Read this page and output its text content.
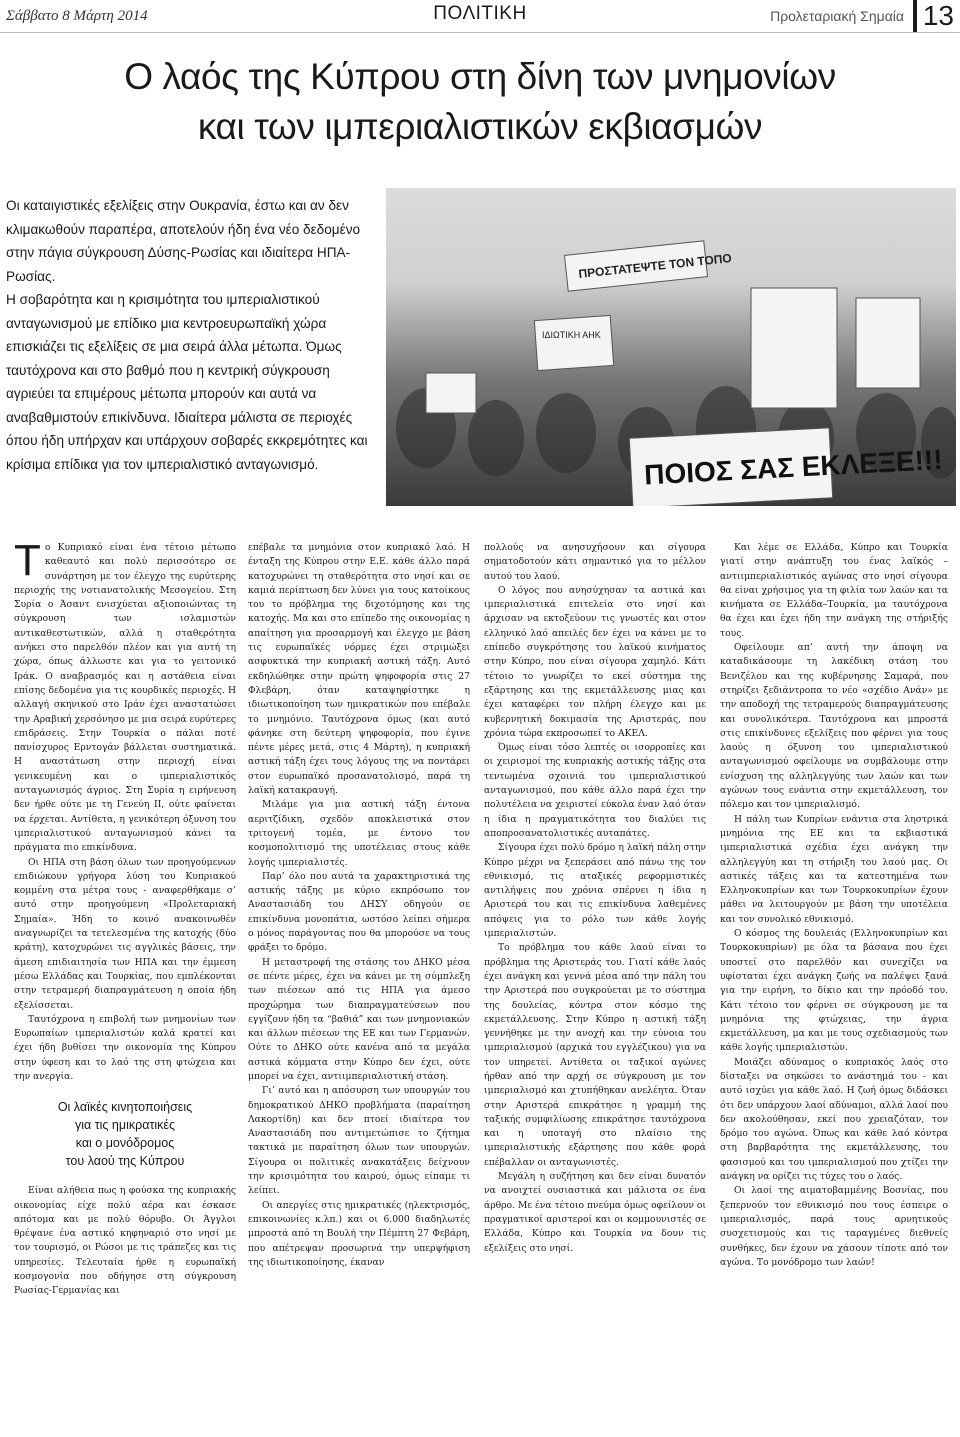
Σάββατο 8 Μάρτη 2014	ΠΟΛΙΤΙΚΗ	Προλεταριακή Σημαία 13
Ο λαός της Κύπρου στη δίνη των μνημονίων
και των ιμπεριαλιστικών εκβιασμών

Οι καταιγιστικές εξελίξεις στην Ουκρανία, έστω και αν δεν κλιμακωθούν παραπέρα, αποτελούν ήδη ένα νέο δεδομένο στην πάγια σύγκρουση Δύσης-Ρωσίας και ιδιαίτερα ΗΠΑ-Ρωσίας.

Η σοβαρότητα και η κρισιμότητα του ιμπεριαλιστικού ανταγωνισμού με επίδικο μια κεντροευρωπαϊκή χώρα επισκιάζει τις εξελίξεις σε μια σειρά άλλα μέτωπα. Όμως ταυτόχρονα και στο βαθμό που η κεντρική σύγκρουση αγριεύει τα επιμέρους μέτωπα μπορούν και αυτά να αναβαθμιστούν επικίνδυνα. Ιδιαίτερα μάλιστα σε περιοχές όπου ήδη υπήρχαν και υπάρχουν σοβαρές εκκρεμότητες και κρίσιμα επίδικα για τον ιμπεριαλιστικό ανταγωνισμό.

ΠΡΟΣΤΑΤΕΨΤΕ ΤΟΝ ΤΟΠΟ
ΙΔΙΩΤΙΚΗ ΑΗΚ
ΠΟΙΟΣ ΣΑΣ ΕΚΛΕΞΕ!!!

Το Κυπριακό είναι ένα τέτοιο μέτωπο καθεαυτό και πολύ περισσότερο σε συνάρτηση με τον έλεγχο της ευρύτερης περιοχής της νοτιανατολικής Μεσογείου. Στη Συρία ο Άσαντ ενισχύεται αξιοποιώντας τη σύγκρουση των ισλαμιστών αντικαθεστωτικών, αλλά η σταθερότητα ανήκει στο παρελθόν πλέον και για αυτή τη χώρα, όπως άλλωστε και για το γειτονικό Ιράκ. Ο αναβρασμός και η αστάθεια είναι επίσης δεδομένα για τις κουρδικές περιοχές. Η αλλαγή σκηνικού στο Ιράν έχει αναστατώσει την Αραβική χερσόνησο με μια σειρά ευρύτερες επιδράσεις. Στην Τουρκία ο πάλαι ποτέ πανίσχυρος Ερντογάν βάλλεται συστηματικά. Η αναστάτωση στην περιοχή είναι γενικευμένη και ο ιμπεριαλιστικός ανταγωνισμός άγριος. Στη Συρία η ειρήνευση δεν ήρθε ούτε με τη Γενεύη ΙΙ, ούτε φαίνεται να έρχεται. Αντίθετα, η γενικότερη όξυνση του ιμπεριαλιστικού ανταγωνισμού κάνει τα πράγματα πιο επικίνδυνα.

Οι ΗΠΑ στη βάση όλων των προηγούμενων επιδιώκουν γρήγορα λύση του Κυπριακού κομμένη στα μέτρα τους - αναφερθήκαμε σ’ αυτό στην προηγούμενη «Προλεταριακή Σημαία». Ήδη το κοινό ανακοινωθέν αναγνωρίζει τα τετελεσμένα της κατοχής (δύο κράτη), κατοχυρώνει τις αγγλικές βάσεις, την άμεση επιδιαιτησία των ΗΠΑ και την έμμεση μέσω Ελλάδας και Τουρκίας, που εμπλέκονται στην τετραμερή διαπραγμάτευση η οποία ήδη εξελίσσεται.

Ταυτόχρονα η επιβολή των μνημονίων των Ευρωπαίων ιμπεριαλιστών καλά κρατεί και έχει ήδη βυθίσει την οικονομία της Κύπρου στην ύφεση και το λαό της στη φτώχεια και την ανεργία.

Οι λαϊκές κινητοποιήσεις

για τις ημικρατικές

και ο μονόδρομος

του λαού της Κύπρου

Είναι αλήθεια πως η φούσκα της κυπριακής οικονομίας είχε πολύ αέρα και έσκασε απότομα και με πολύ θόρυβο. Οι Άγγλοι θρέψανε ένα αστικό κηφηναριό στο νησί με τον τουρισμό, οι Ρώσοι με τις τράπεζες και τις υπηρεσίες. Τελευταία ήρθε η ευρωπαϊκή κοσμογονία που οδήγησε στη σύγκρουση Ρωσίας-Γερμανίας και

επέβαλε τα μνημόνια στον κυπριακό λαό. Η ένταξη της Κύπρου στην Ε.Ε. κάθε άλλο παρά κατοχυρώνει τη σταθερότητα στο νησί και σε καμιά περίπτωση δεν λύνει για τους κατοίκους του το πρόβλημα της διχοτόμησης και της κατοχής. Μα και στο επίπεδο της οικονομίας η απαίτηση για προσαρμογή και έλεγχο με βάση τις ευρωπαϊκές νόρμες έχει στριμώξει ασφυκτικά την κυπριακή αστική τάξη. Αυτό εκδηλώθηκε στην πρώτη ψηφοφορία στις 27 Φλεβάρη, όταν καταψηφίστηκε η ιδιωτικοποίηση των ημικρατικών που επέβαλε το μνημόνιο. Ταυτόχρονα όμως (και αυτό φάνηκε στη δεύτερη ψηφοφορία, που έγινε πέντε μέρες μετά, στις 4 Μάρτη), η κυπριακή αστική τάξη έχει τους λόγους της να ποντάρει στον ευρωπαϊκό προσανατολισμό, παρά τη λαϊκή κατακραυγή.

Μιλάμε για μια αστική τάξη έντονα αεριτζίδικη, σχεδόν αποκλειστικά στον τριτογενή τομέα, με έντονο τον κοσμοπολιτισμό της υποτέλειας στους κάθε λογής ιμπεριαλιστές.

Παρ’ όλο που αυτά τα χαρακτηριστικά της αστικής τάξης με κύριο εκπρόσωπο τον Αναστασιάδη του ΔΗΣΥ οδηγούν σε επικίνδυνα μονοπάτια, ωστόσο λείπει σήμερα ο μόνος παράγοντας που θα μπορούσε να τους φράξει το δρόμο.

Η μεταστροφή της στάσης του ΔΗΚΟ μέσα σε πέντε μέρες, έχει να κάνει με τη σύμπλεξη των πιέσεων από τις ΗΠΑ για άμεσο προχώρημα των διαπραγματεύσεων που εγγίζουν ήδη τα “βαθιά” και των μνημονιακών και άλλων πιέσεων της ΕΕ και των Γερμανών. Ούτε το ΔΗΚΟ ούτε κανένα από τα μεγάλα αστικά κόμματα στην Κύπρο δεν έχει, ούτε μπορεί να έχει, αντιιμπεριαλιστική στάση.

Γι’ αυτό και η απόσυρση των υπουργών του δημοκρατικού ΔΗΚΟ προβλήματα (παραίτηση Λακορτίδη) και δεν πτοεί ιδιαίτερα τον Αναστασιάδη που αντιμετώπισε το ζήτημα τακτικά με παραίτηση όλων των υπουργών. Σίγουρα οι πολιτικές ανακατάξεις δείχνουν την κρισιμότητα του καιρού, όμως είπαμε τι λείπει.

Οι απεργίες στις ημικρατικές (ηλεκτρισμός, επικοινωνίες κ.λπ.) και οι 6.000 διαδηλωτές μπροστά από τη Βουλή την Πέμπτη 27 Φεβάρη, που απέτρεψαν προσωρινά την υπερψήφιση της ιδιωτικοποίησης, έκαναν

πολλούς να ανησυχήσουν και σίγουρα σηματοδοτούν κάτι σημαντικό για το μέλλον αυτού του λαού.

Ο λόγος που ανησύχησαν τα αστικά και ιμπεριαλιστικά επιτελεία στο νησί και άρχισαν να εκτοξεύουν τις γνωστές και στον ελληνικό λαό απειλές δεν έχει να κάνει με το επίπεδο συγκρότησης του λαϊκού κινήματος στην Κύπρο, που είναι σίγουρα χαμηλό. Κάτι τέτοιο το γνωρίζει το εκεί σύστημα της εξάρτησης και της εκμετάλλευσης μιας και έχει καταφέρει τον πλήρη έλεγχο και με κυβερνητική δοκιμασία της Αριστεράς, που χρόνια τώρα εκπροσωπεί το ΑΚΕΛ.

Όμως είναι τόσο λεπτές οι ισορροπίες και οι χειρισμοί της κυπριακής αστικής τάξης στα τεντωμένα σχοινιά του ιμπεριαλιστικού ανταγωνισμού, που κάθε άλλο παρά έχει την πολυτέλεια να χειριστεί εύκολα έναν λαό όταν η ίδια η πραγματικότητα του διαλύει τις αποπροσανατολιστικές αυταπάτες.

Σίγουρα έχει πολύ δρόμο η λαϊκή πάλη στην Κύπρο μέχρι να ξεπεράσει από πάνω της τον εθνικισμό, τις αταξικές ρεφορμιστικές αντιλήψεις που χρόνια σπέρνει η ίδια η Αριστερά του και τις επικίνδυνα λαθεμένες απόψεις για το ρόλο των κάθε λογής ιμπεριαλιστών.

Το πρόβλημα του κάθε λαού είναι το πρόβλημα της Αριστεράς του. Γιατί κάθε λαός έχει ανάγκη και γεννά μέσα από την πάλη του την Αριστερά που συγκρούεται με το σύστημα της δουλείας, κόντρα στον κόσμο της εκμετάλλευσης. Στην Κύπρο η αστική τάξη γεννήθηκε με την ανοχή και την εύνοια του ιμπεριαλισμού (αρχικά του εγγλέζικου) για να τον υπηρετεί. Αντίθετα οι ταξικοί αγώνες ήρθαν από την αρχή σε σύγκρουση με τον ιμπεριαλισμό και χτυπήθηκαν ανελέητα. Όταν στην Αριστερά επικράτησε η γραμμή της ταξικής συμφιλίωσης επικράτησε ταυτόχρονα και η υποταγή στο πλαίσιο της ιμπεριαλιστικής εξάρτησης που κάθε φορά επέβαλλαν οι ανταγωνιστές.

Μεγάλη η συζήτηση και δεν είναι δυνατόν να ανοιχτεί ουσιαστικά και μάλιστα σε ένα άρθρο. Με ένα τέτοιο πνεύμα όμως οφείλουν οι πραγματικοί αριστεροί και οι κομμουνιστές σε Ελλάδα, Κύπρο και Τουρκία να δουν τις εξελίξεις στο νησί.

Και λέμε σε Ελλάδα, Κύπρο και Τουρκία γιατί στην ανάπτυξη του ένας λαϊκός –αντιιμπεριαλιστικός αγώνας στο νησί σίγουρα θα είναι χρήσιμος για τη φιλία των λαών και τα κινήματα σε Ελλάδα–Τουρκία, μα ταυτόχρονα θα έχει και έχει ήδη την ανάγκη της στήριξής τους.

Οφείλουμε απ’ αυτή την άποψη να καταδικάσουμε τη λακέδικη στάση του Βενιζέλου και της κυβέρνησης Σαμαρά, που στηρίζει ξεδιάντροπα το νέο «σχέδιο Ανάν» με την αποδοχή της τετραμερούς διαπραγμάτευσης και συνολικότερα. Ταυτόχρονα και μπροστά στις επικίνδυνες εξελίξεις που φέρνει για τους λαούς η όξυνση του ιμπεριαλιστικού ανταγωνισμού οφείλουμε να συμβάλουμε στην ενίσχυση της αλληλεγγύης των λαών και των αγώνων τους ενάντια στην εκμετάλλευση, τον πόλεμο και τον ιμπεριαλισμό.

Η πάλη των Κυπρίων ενάντια στα ληστρικά μνημόνια της ΕΕ και τα εκβιαστικά ιμπεριαλιστικά σχέδια έχει ανάγκη την αλληλεγγύη και τη στήριξη του λαού μας. Οι αστικές τάξεις και τα κατεστημένα των Ελληνοκυπρίων και των Τουρκοκυπρίων έχουν μάθει να λειτουργούν με βάση την υποτέλεια και τον συνολικό εθνικισμό.

Ο κόσμος της δουλειάς (Ελληνοκυπρίων και Τουρκοκυπρίων) με όλα τα βάσανα που έχει υποστεί στο παρελθόν και συνεχίζει να υφίσταται έχει ανάγκη ζωής να παλέψει ξανά για την ειρήνη, το δίκιο και την πρόοδό του. Κάτι τέτοιο τον φέρνει σε σύγκρουση με τα μνημόνια της φτώχειας, την άγρια εκμετάλλευση, μα και με τους σχεδιασμούς των κάθε λογής ιμπεριαλιστών.

Μοιάζει αδύναμος ο κυπριακός λαός στο δίσταξει να σηκώσει το ανάστημά του - και αυτό ισχύει για κάθε λαό. Η ζωή όμως διδάσκει ότι δεν υπάρχουν λαοί αδύναμοι, αλλά λαοί που δεν ακολούθησαν, εκεί που χρειαζόταν, τον δρόμο του αγώνα. Όπως και κάθε λαό κόντρα στη βαρβαρότητα της εκμετάλλευσης, του φασισμού και του ιμπεριαλισμού που χτίζει την ανάγκη να ορίζει τις τύχες του ο λαός.

Οι λαοί της αιματοβαμμένης Βοσνίας, που ξεπερνούν τον εθνικισμό που τους έσπειρε ο ιμπεριαλισμός, παρά τους αρνητικούς συσχετισμούς και τις ταραγμένες διεθνείς συνθήκες, δεν έχουν να χάσουν τίποτε από τον αγώνα. Το μονόδρομο των λαών!
